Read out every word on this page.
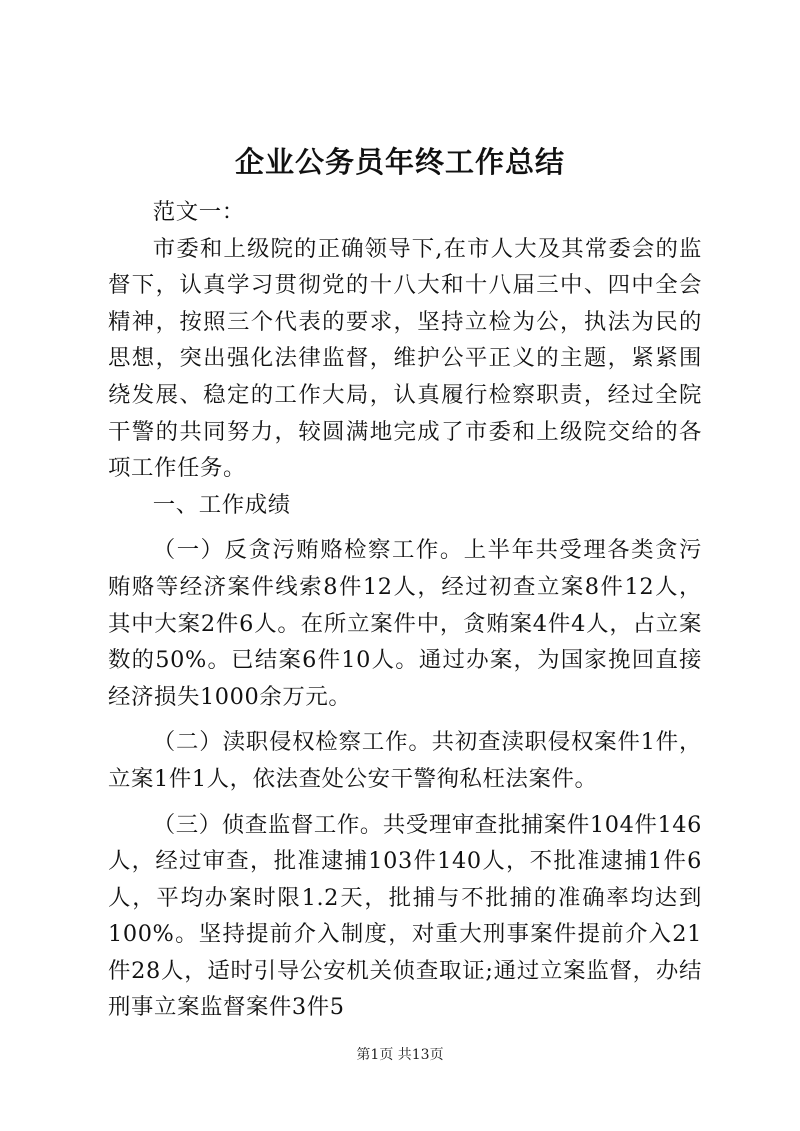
企业公务员年终工作总结

范文一：

市委和上级院的正确领导下,在市人大及其常委会的监督下，认真学习贯彻党的十八大和十八届三中、四中全会精神，按照三个代表的要求，坚持立检为公，执法为民的思想，突出强化法律监督，维护公平正义的主题，紧紧围绕发展、稳定的工作大局，认真履行检察职责，经过全院干警的共同努力，较圆满地完成了市委和上级院交给的各项工作任务。

一、工作成绩

（一）反贪污贿赂检察工作。上半年共受理各类贪污贿赂等经济案件线索8件12人，经过初查立案8件12人，其中大案2件6人。在所立案件中，贪贿案4件4人，占立案数的50%。已结案6件10人。通过办案，为国家挽回直接经济损失1000余万元。

（二）渎职侵权检察工作。共初查渎职侵权案件1件，立案1件1人，依法查处公安干警徇私枉法案件。

（三）侦查监督工作。共受理审查批捕案件104件146人，经过审查，批准逮捕103件140人，不批准逮捕1件6人，平均办案时限1.2天，批捕与不批捕的准确率均达到100%。坚持提前介入制度，对重大刑事案件提前介入21件28人，适时引导公安机关侦查取证;通过立案监督，办结刑事立案监督案件3件5

第1页 共13页
